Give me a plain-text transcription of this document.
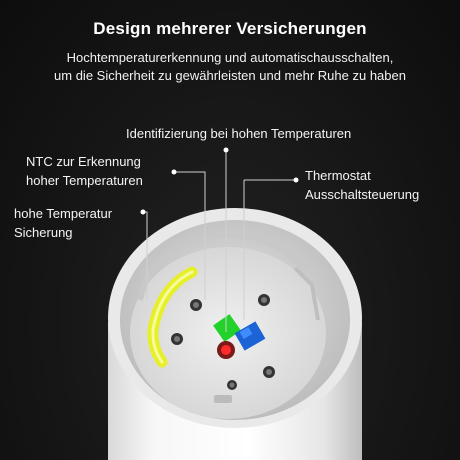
Design mehrerer Versicherungen
Hochtemperaturerkennung und automatischausschalten,
um die Sicherheit zu gewährleisten und mehr Ruhe zu haben
Identifizierung bei hohen Temperaturen
NTC zur Erkennung
hoher Temperaturen	Thermostat
Ausschaltsteuerung
hohe Temperatur
Sicherung
